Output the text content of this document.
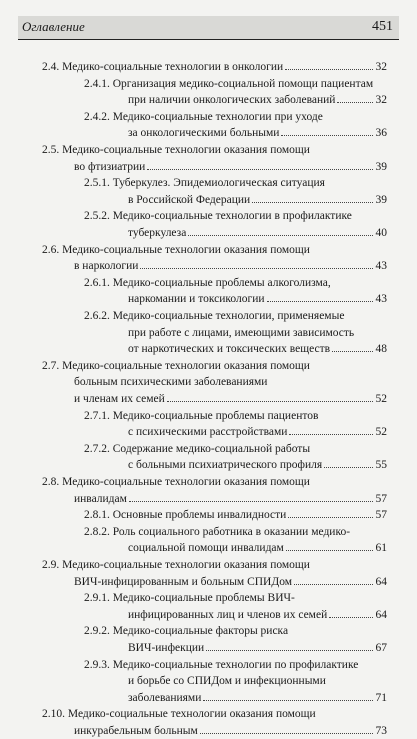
Оглавление	451
2.4. Медико-социальные технологии в онкологии	32
2.4.1. Организация медико-социальной помощи пациентам
при наличии онкологических заболеваний	32
2.4.2. Медико-социальные технологии при уходе
за онкологическими больными	36
2.5. Медико-социальные технологии оказания помощи
во фтизиатрии	39
2.5.1. Туберкулез. Эпидемиологическая ситуация
в Российской Федерации	39
2.5.2. Медико-социальные технологии в профилактике
туберкулеза	40
2.6. Медико-социальные технологии оказания помощи
в наркологии	43
2.6.1. Медико-социальные проблемы алкоголизма,
наркомании и токсикологии	43
2.6.2. Медико-социальные технологии, применяемые
при работе с лицами, имеющими зависимость
от наркотических и токсических веществ	48
2.7. Медико-социальные технологии оказания помощи
больным психическими заболеваниями
и членам их семей	52
2.7.1. Медико-социальные проблемы пациентов
с психическими расстройствами	52
2.7.2. Содержание медико-социальной работы
с больными психиатрического профиля	55
2.8. Медико-социальные технологии оказания помощи
инвалидам	57
2.8.1. Основные проблемы инвалидности	57
2.8.2. Роль социального работника в оказании медико-
социальной помощи инвалидам	61
2.9. Медико-социальные технологии оказания помощи
ВИЧ-инфицированным и больным СПИДом	64
2.9.1. Медико-социальные проблемы ВИЧ-
инфицированных лиц и членов их семей	64
2.9.2. Медико-социальные факторы риска
ВИЧ-инфекции	67
2.9.3. Медико-социальные технологии по профилактике
и борьбе со СПИДом и инфекционными
заболеваниями	71
2.10. Медико-социальные технологии оказания помощи
инкурабельным больным	73
